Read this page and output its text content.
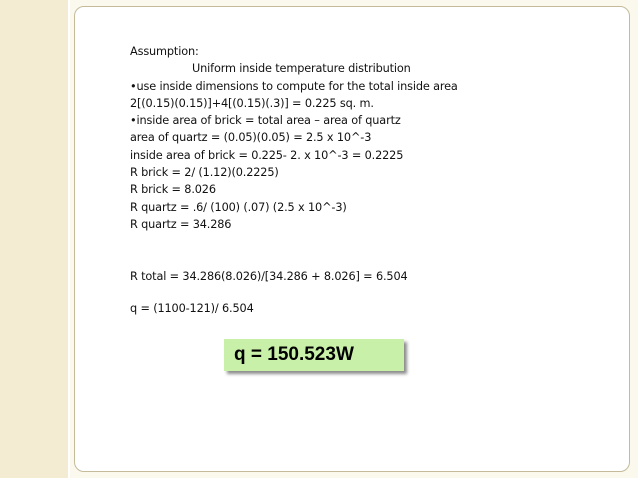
Assumption:
Uniform inside temperature distribution
•use inside dimensions to compute for the total inside area
2[(0.15)(0.15)]+4[(0.15)(.3)] = 0.225 sq. m.
•inside area of brick = total area – area of quartz
area of quartz = (0.05)(0.05) = 2.5 x 10^-3
inside area of brick = 0.225- 2. x 10^-3 = 0.2225
R brick = 2/ (1.12)(0.2225)
R brick = 8.026
R quartz = .6/ (100) (.07) (2.5 x 10^-3)
R quartz = 34.286
R total = 34.286(8.026)/[34.286 + 8.026] = 6.504
q = (1100-121)/ 6.504
q = 150.523W
